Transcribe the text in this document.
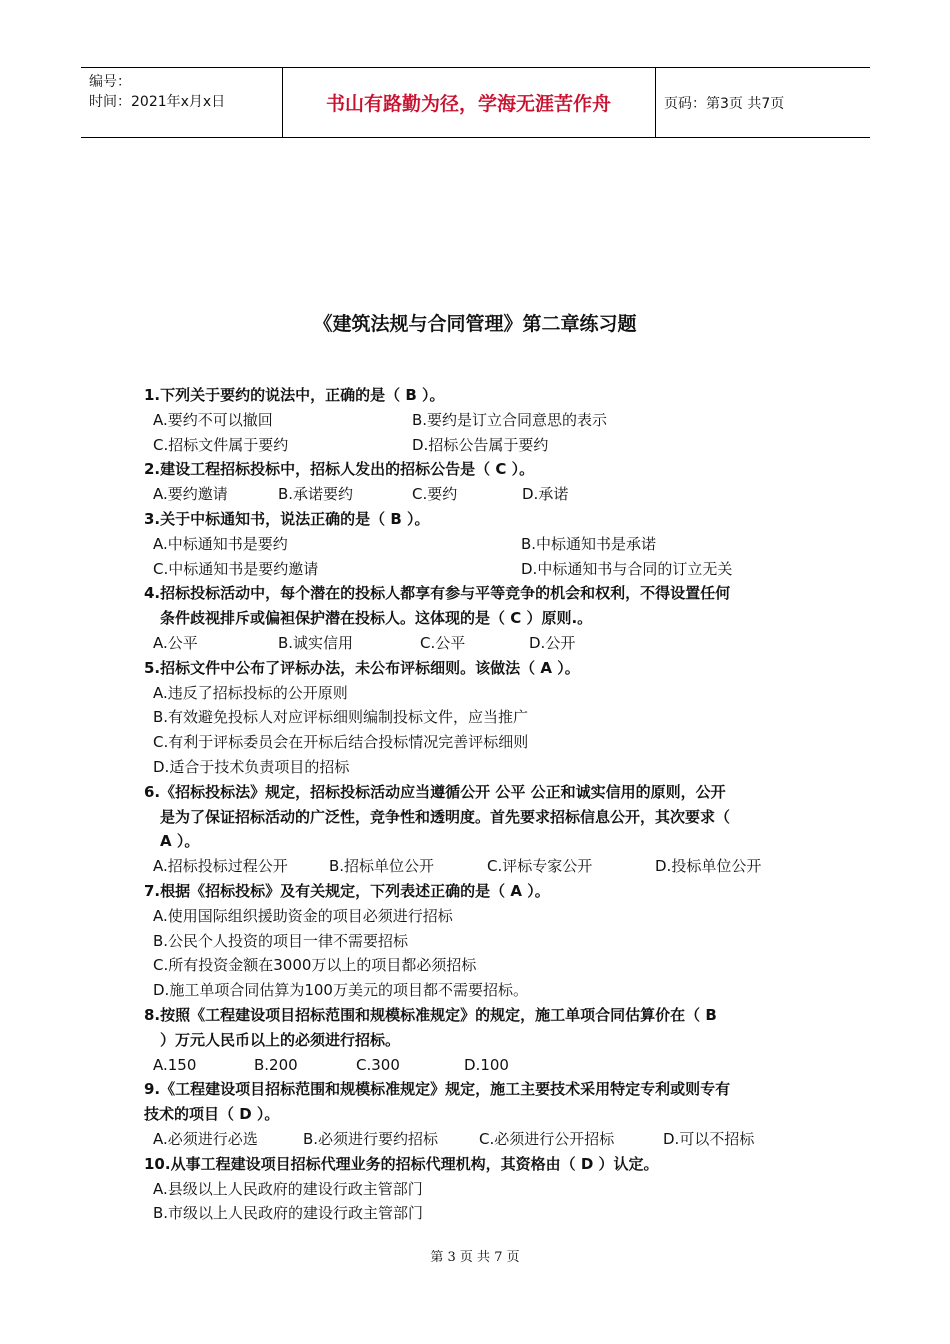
编号：
时间：2021年x月x日	书山有路勤为径，学海无涯苦作舟	页码：第3页 共7页
《建筑法规与合同管理》第二章练习题
1.下列关于要约的说法中，正确的是（ B ）。
A.要约不可以撤回	B.要约是订立合同意思的表示
C.招标文件属于要约	D.招标公告属于要约
2.建设工程招标投标中，招标人发出的招标公告是（ C ）。
A.要约邀请	B.承诺要约	C.要约	D.承诺
3.关于中标通知书，说法正确的是（ B ）。
A.中标通知书是要约	B.中标通知书是承诺
C.中标通知书是要约邀请	D.中标通知书与合同的订立无关
4.招标投标活动中，每个潜在的投标人都享有参与平等竞争的机会和权利，不得设置任何
条件歧视排斥或偏袒保护潜在投标人。这体现的是（ C ）原则.。
A.公平	B.诚实信用	C.公平	D.公开
5.招标文件中公布了评标办法，未公布评标细则。该做法（ A ）。
A.违反了招标投标的公开原则
B.有效避免投标人对应评标细则编制投标文件，应当推广
C.有利于评标委员会在开标后结合投标情况完善评标细则
D.适合于技术负责项目的招标
6.《招标投标法》规定，招标投标活动应当遵循公开 公平 公正和诚实信用的原则，公开
是为了保证招标活动的广泛性，竞争性和透明度。首先要求招标信息公开，其次要求（
A ）。
A.招标投标过程公开	B.招标单位公开	C.评标专家公开	D.投标单位公开
7.根据《招标投标》及有关规定，下列表述正确的是（ A ）。
A.使用国际组织援助资金的项目必须进行招标
B.公民个人投资的项目一律不需要招标
C.所有投资金额在3000万以上的项目都必须招标
D.施工单项合同估算为100万美元的项目都不需要招标。
8.按照《工程建设项目招标范围和规模标准规定》的规定，施工单项合同估算价在（ B
）万元人民币以上的必须进行招标。
A.150	B.200	C.300	D.100
9.《工程建设项目招标范围和规模标准规定》规定，施工主要技术采用特定专利或则专有
技术的项目（ D ）。
A.必须进行必选	B.必须进行要约招标	C.必须进行公开招标	D.可以不招标
10.从事工程建设项目招标代理业务的招标代理机构，其资格由（ D ）认定。
A.县级以上人民政府的建设行政主管部门
B.市级以上人民政府的建设行政主管部门
第 3 页 共 7 页
